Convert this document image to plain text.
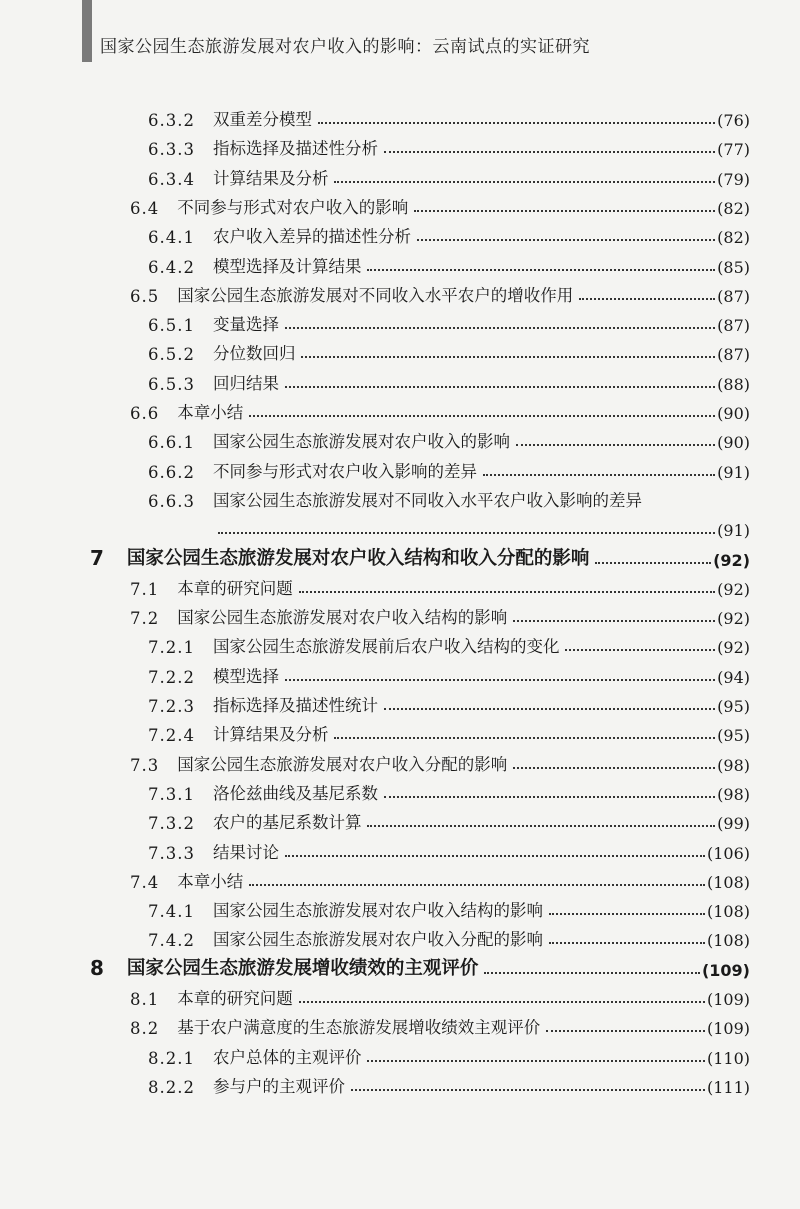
国家公园生态旅游发展对农户收入的影响：云南试点的实证研究
6.3.2 双重差分模型	(76)
6.3.3 指标选择及描述性分析	(77)
6.3.4 计算结果及分析	(79)
6.4 不同参与形式对农户收入的影响	(82)
6.4.1 农户收入差异的描述性分析	(82)
6.4.2 模型选择及计算结果	(85)
6.5 国家公园生态旅游发展对不同收入水平农户的增收作用	(87)
6.5.1 变量选择	(87)
6.5.2 分位数回归	(87)
6.5.3 回归结果	(88)
6.6 本章小结	(90)
6.6.1 国家公园生态旅游发展对农户收入的影响	(90)
6.6.2 不同参与形式对农户收入影响的差异	(91)
6.6.3 国家公园生态旅游发展对不同收入水平农户收入影响的差异
(91)
7 国家公园生态旅游发展对农户收入结构和收入分配的影响	(92)
7.1 本章的研究问题	(92)
7.2 国家公园生态旅游发展对农户收入结构的影响	(92)
7.2.1 国家公园生态旅游发展前后农户收入结构的变化	(92)
7.2.2 模型选择	(94)
7.2.3 指标选择及描述性统计	(95)
7.2.4 计算结果及分析	(95)
7.3 国家公园生态旅游发展对农户收入分配的影响	(98)
7.3.1 洛伦兹曲线及基尼系数	(98)
7.3.2 农户的基尼系数计算	(99)
7.3.3 结果讨论	(106)
7.4 本章小结	(108)
7.4.1 国家公园生态旅游发展对农户收入结构的影响	(108)
7.4.2 国家公园生态旅游发展对农户收入分配的影响	(108)
8 国家公园生态旅游发展增收绩效的主观评价	(109)
8.1 本章的研究问题	(109)
8.2 基于农户满意度的生态旅游发展增收绩效主观评价	(109)
8.2.1 农户总体的主观评价	(110)
8.2.2 参与户的主观评价	(111)
